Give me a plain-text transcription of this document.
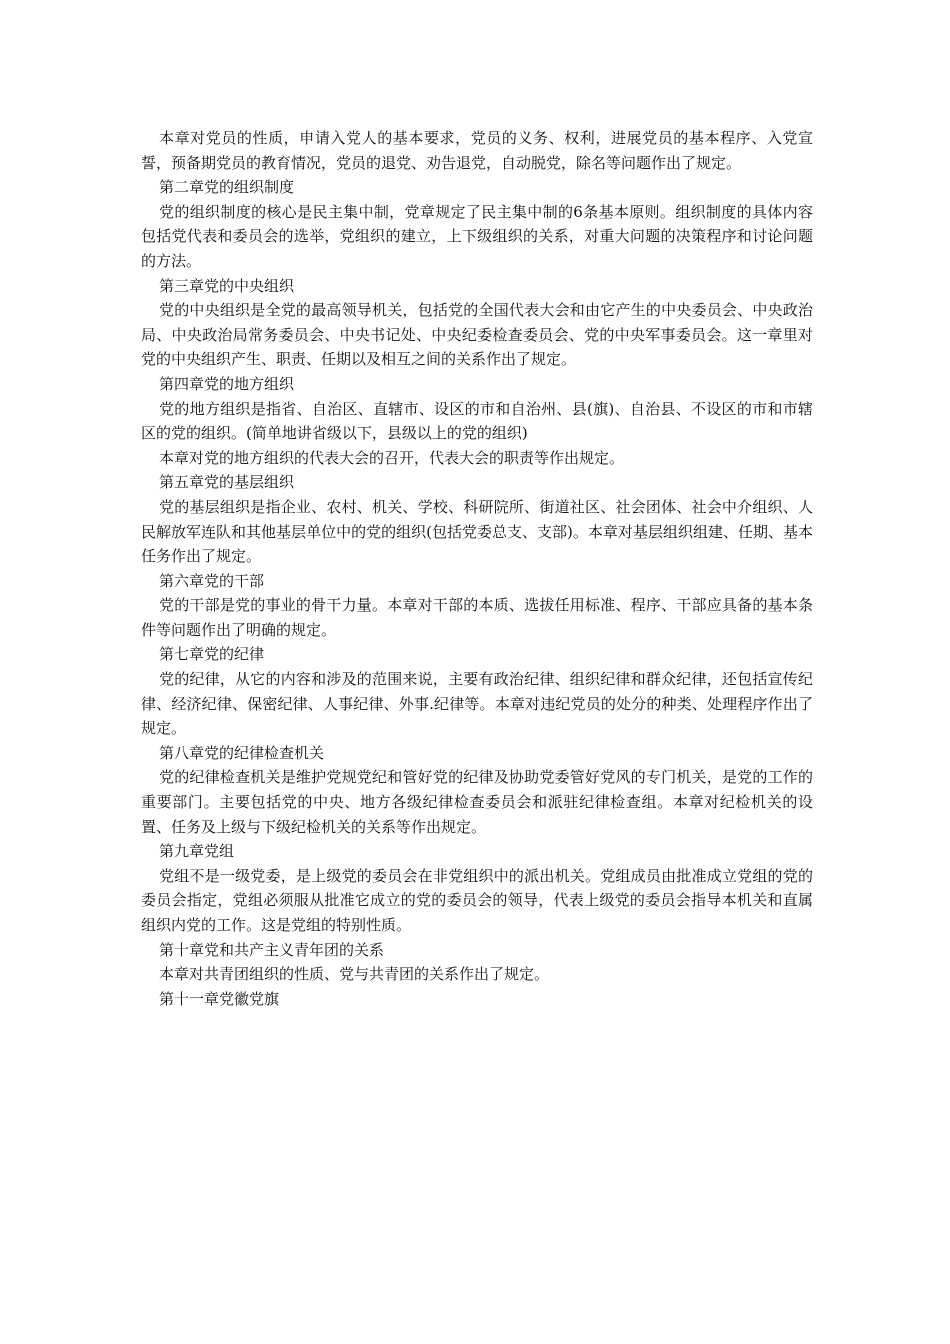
本章对党员的性质，申请入党人的基本要求，党员的义务、权利，进展党员的基本程序、入党宣誓，预备期党员的教育情况，党员的退党、劝告退党，自动脱党，除名等问题作出了规定。

第二章党的组织制度

党的组织制度的核心是民主集中制，党章规定了民主集中制的6条基本原则。组织制度的具体内容包括党代表和委员会的选举，党组织的建立，上下级组织的关系，对重大问题的决策程序和讨论问题的方法。

第三章党的中央组织

党的中央组织是全党的最高领导机关，包括党的全国代表大会和由它产生的中央委员会、中央政治局、中央政治局常务委员会、中央书记处、中央纪委检查委员会、党的中央军事委员会。这一章里对党的中央组织产生、职责、任期以及相互之间的关系作出了规定。

第四章党的地方组织

党的地方组织是指省、自治区、直辖市、设区的市和自治州、县(旗)、自治县、不设区的市和市辖区的党的组织。(简单地讲省级以下，县级以上的党的组织)

本章对党的地方组织的代表大会的召开，代表大会的职责等作出规定。

第五章党的基层组织

党的基层组织是指企业、农村、机关、学校、科研院所、街道社区、社会团体、社会中介组织、人民解放军连队和其他基层单位中的党的组织(包括党委总支、支部)。本章对基层组织组建、任期、基本任务作出了规定。

第六章党的干部

党的干部是党的事业的骨干力量。本章对干部的本质、选拔任用标准、程序、干部应具备的基本条件等问题作出了明确的规定。

第七章党的纪律

党的纪律，从它的内容和涉及的范围来说，主要有政治纪律、组织纪律和群众纪律，还包括宣传纪律、经济纪律、保密纪律、人事纪律、外事.纪律等。本章对违纪党员的处分的种类、处理程序作出了规定。

第八章党的纪律检查机关

党的纪律检查机关是维护党规党纪和管好党的纪律及协助党委管好党风的专门机关，是党的工作的重要部门。主要包括党的中央、地方各级纪律检查委员会和派驻纪律检查组。本章对纪检机关的设置、任务及上级与下级纪检机关的关系等作出规定。

第九章党组

党组不是一级党委，是上级党的委员会在非党组织中的派出机关。党组成员由批准成立党组的党的委员会指定，党组必须服从批准它成立的党的委员会的领导，代表上级党的委员会指导本机关和直属组织内党的工作。这是党组的特别性质。

第十章党和共产主义青年团的关系

本章对共青团组织的性质、党与共青团的关系作出了规定。

第十一章党徽党旗
